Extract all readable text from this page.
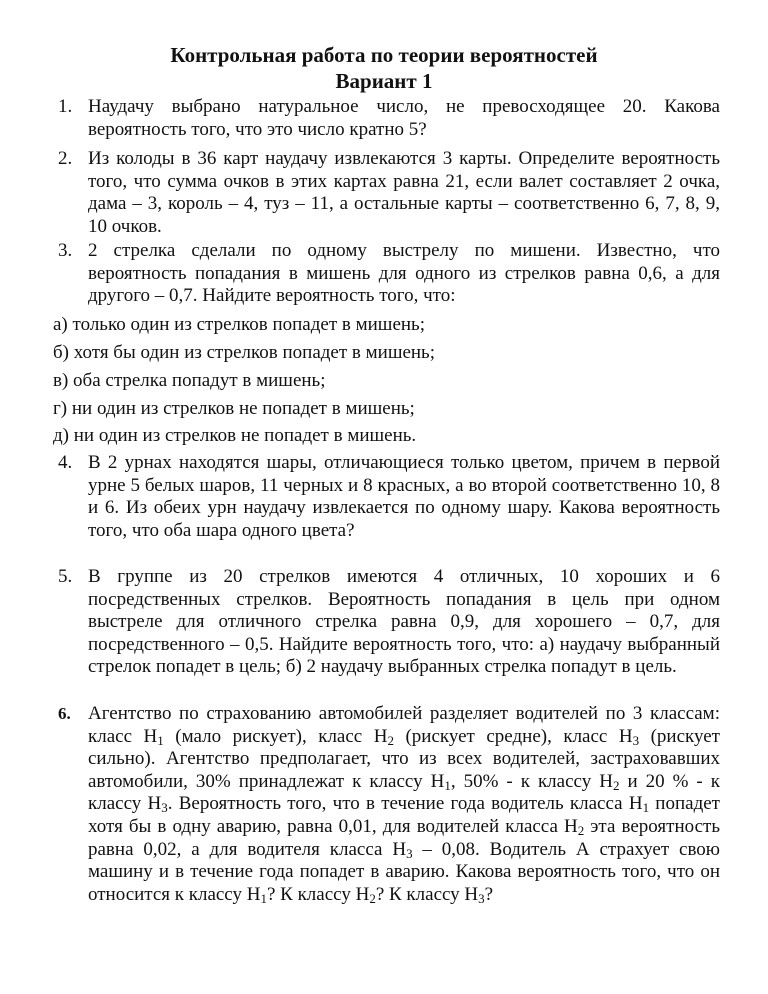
Контрольная работа по теории вероятностей
Вариант 1
1. Наудачу выбрано натуральное число, не превосходящее 20. Какова вероятность того, что это число кратно 5?
2. Из колоды в 36 карт наудачу извлекаются 3 карты. Определите вероятность того, что сумма очков в этих картах равна 21, если валет составляет 2 очка, дама – 3, король – 4, туз – 11, а остальные карты – соответственно 6, 7, 8, 9, 10 очков.
3. 2 стрелка сделали по одному выстрелу по мишени. Известно, что вероятность попадания в мишень для одного из стрелков равна 0,6, а для другого – 0,7. Найдите вероятность того, что:
а) только один из стрелков попадет в мишень;
б) хотя бы один из стрелков попадет в мишень;
в) оба стрелка попадут в мишень;
г) ни один из стрелков не попадет в мишень;
д) ни один из стрелков не попадет в мишень.
4. В 2 урнах находятся шары, отличающиеся только цветом, причем в первой урне 5 белых шаров, 11 черных и 8 красных, а во второй соответственно 10, 8 и 6. Из обеих урн наудачу извлекается по одному шару. Какова вероятность того, что оба шара одного цвета?
5. В группе из 20 стрелков имеются 4 отличных, 10 хороших и 6 посредственных стрелков. Вероятность попадания в цель при одном выстреле для отличного стрелка равна 0,9, для хорошего – 0,7, для посредственного – 0,5. Найдите вероятность того, что: а) наудачу выбранный стрелок попадет в цель; б) 2 наудачу выбранных стрелка попадут в цель.
6. Агентство по страхованию автомобилей разделяет водителей по 3 классам: класс $H_1$ (мало рискует), класс $H_2$ (рискует средне), класс $H_3$ (рискует сильно). Агентство предполагает, что из всех водителей, застраховавших автомобили, 30% принадлежат к классу $H_1$, 50% - к классу $H_2$ и 20 % - к классу $H_3$. Вероятность того, что в течение года водитель класса $H_1$ попадет хотя бы в одну аварию, равна 0,01, для водителей класса $H_2$ эта вероятность равна 0,02, а для водителя класса $H_3 - 0,08$. Водитель А страхует свою машину и в течение года попадет в аварию. Какова вероятность того, что он относится к классу $H_1$? К классу $H_2$? К классу $H_3$?
